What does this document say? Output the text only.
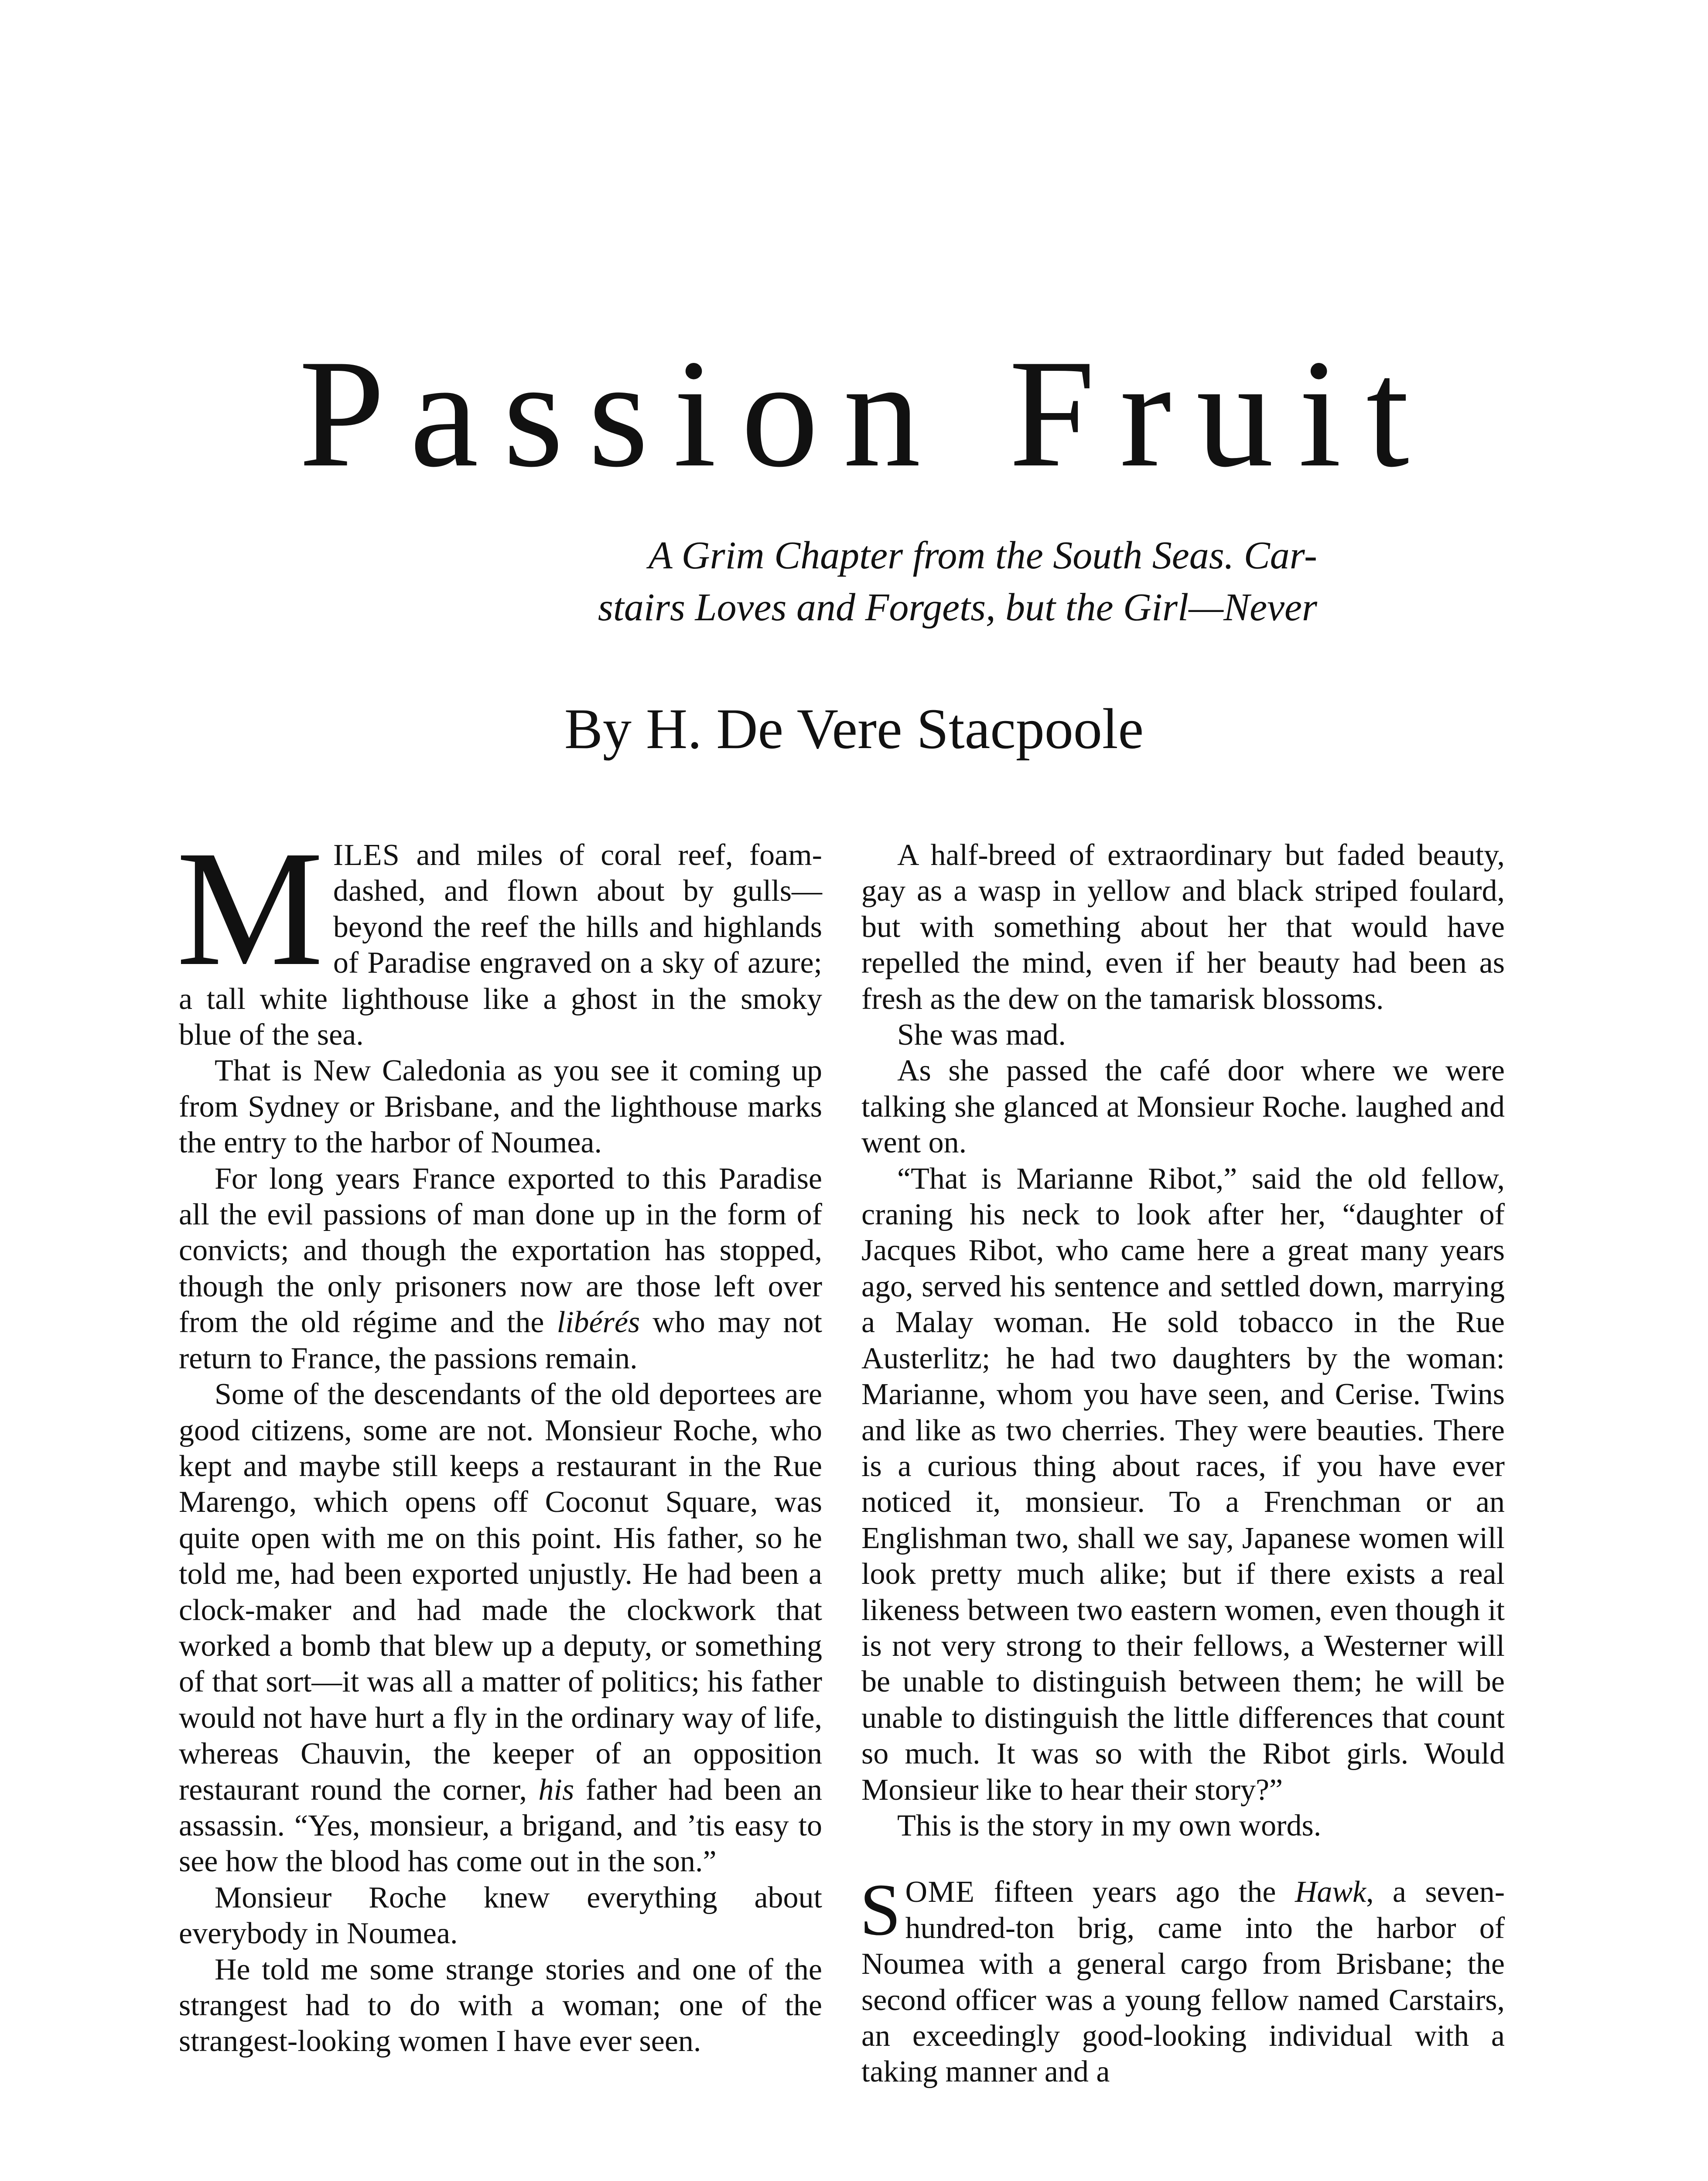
Passion Fruit
A Grim Chapter from the South Seas. Car-
stairs Loves and Forgets, but the Girl—Never
By H. De Vere Stacpoole

MILES and miles of coral reef, foam-dashed, and flown about by gulls—beyond the reef the hills and highlands of Paradise engraved on a sky of azure; a tall white lighthouse like a ghost in the smoky blue of the sea.

That is New Caledonia as you see it coming up from Sydney or Brisbane, and the lighthouse marks the entry to the harbor of Noumea.

For long years France exported to this Paradise all the evil passions of man done up in the form of convicts; and though the exportation has stopped, though the only prisoners now are those left over from the old régime and the libérés who may not return to France, the passions remain.

Some of the descendants of the old deportees are good citizens, some are not. Monsieur Roche, who kept and maybe still keeps a restaurant in the Rue Marengo, which opens off Coconut Square, was quite open with me on this point. His father, so he told me, had been exported unjustly. He had been a clock-maker and had made the clockwork that worked a bomb that blew up a deputy, or something of that sort—it was all a matter of politics; his father would not have hurt a fly in the ordinary way of life, whereas Chauvin, the keeper of an opposition restaurant round the corner, his father had been an assassin. “Yes, monsieur, a brigand, and ’tis easy to see how the blood has come out in the son.”

Monsieur Roche knew everything about everybody in Noumea.

He told me some strange stories and one of the strangest had to do with a woman; one of the strangest-looking women I have ever seen.

A half-breed of extraordinary but faded beauty, gay as a wasp in yellow and black striped foulard, but with something about her that would have repelled the mind, even if her beauty had been as fresh as the dew on the tamarisk blossoms.

She was mad.

As she passed the café door where we were talking she glanced at Monsieur Roche. laughed and went on.

“That is Marianne Ribot,” said the old fellow, craning his neck to look after her, “daughter of Jacques Ribot, who came here a great many years ago, served his sentence and settled down, marrying a Malay woman. He sold tobacco in the Rue Austerlitz; he had two daughters by the woman: Marianne, whom you have seen, and Cerise. Twins and like as two cherries. They were beauties. There is a curious thing about races, if you have ever noticed it, monsieur. To a Frenchman or an Englishman two, shall we say, Japanese women will look pretty much alike; but if there exists a real likeness between two eastern women, even though it is not very strong to their fellows, a Westerner will be unable to distinguish between them; he will be unable to distinguish the little differences that count so much. It was so with the Ribot girls. Would Monsieur like to hear their story?”

This is the story in my own words.

SOME fifteen years ago the Hawk, a seven-hundred-ton brig, came into the harbor of Noumea with a general cargo from Brisbane; the second officer was a young fellow named Carstairs, an exceedingly good-looking individual with a taking manner and a
